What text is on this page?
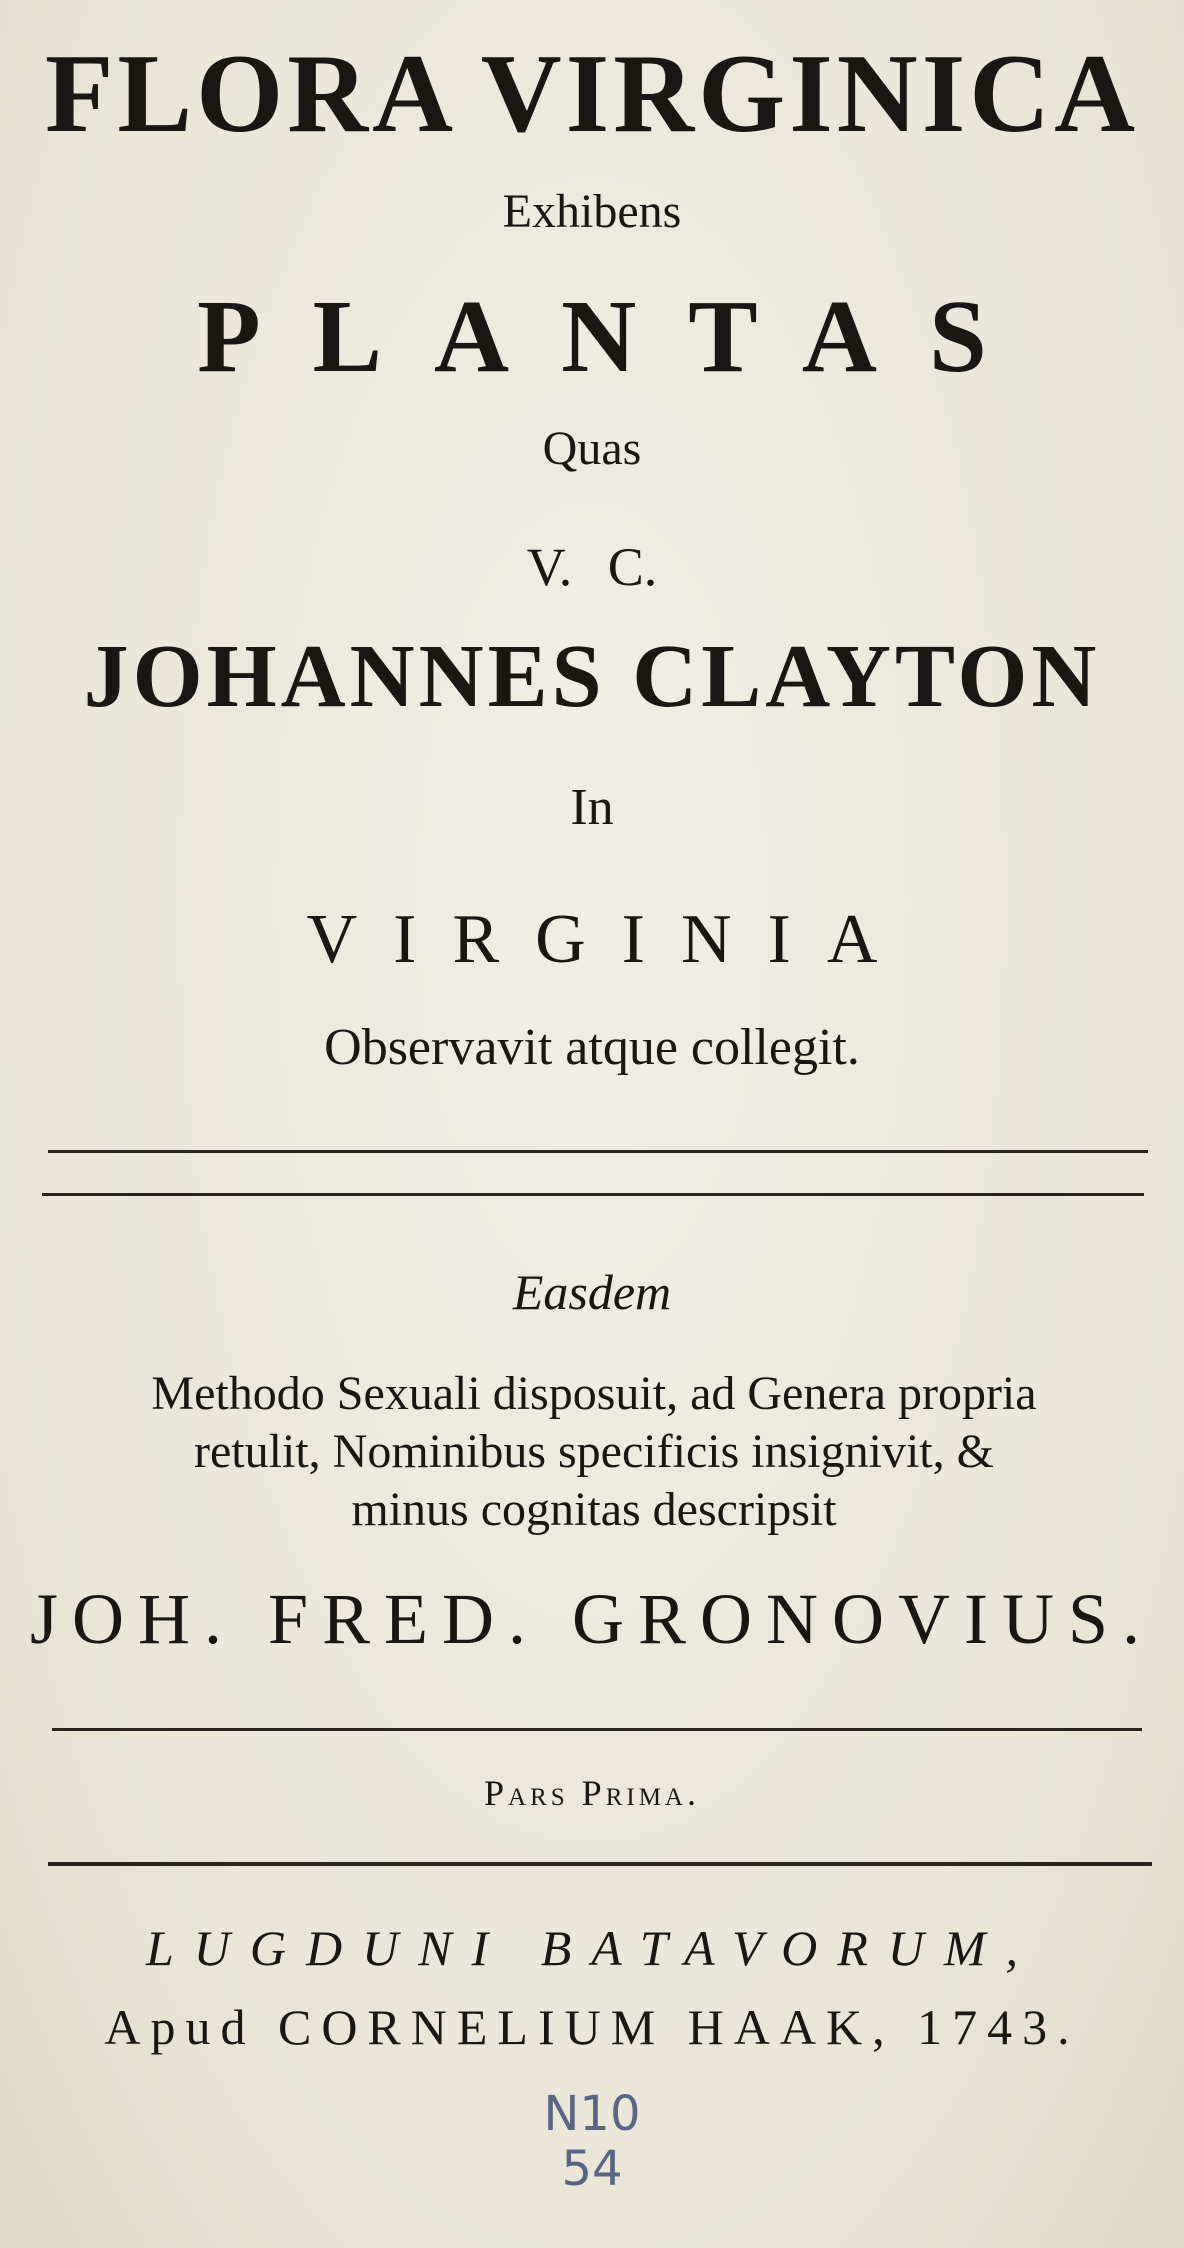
FLORA VIRGINICA
Exhibens
PLANTAS
Quas
V. C.
JOHANNES CLAYTON
In
VIRGINIA
Observavit atque collegit.
Easdem
Methodo Sexuali disposuit, ad Genera propria
retulit, Nominibus specificis insignivit, &
minus cognitas descripsit
JOH. FRED. GRONOVIUS.
Pars Prima.
LUGDUNI BATAVORUM,
Apud CORNELIUM HAAK, 1743.
N10
54
